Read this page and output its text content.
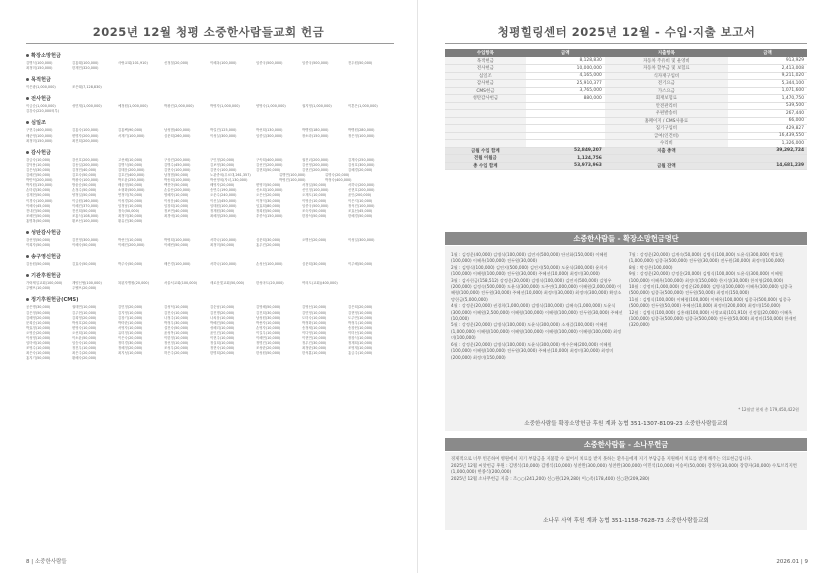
2025년 12월 청평 소중한사람들교회 헌금
확장소망헌금
김병식(100,000)	김홍래(100,000)	사랑교회(101,910)	신정철(20,000)	이혜옥(100,000)	임종국(500,000)	임종국(500,000)	전두원(50,000)
최정미(150,000)	한재민(320,000)
목적헌금
이은광(1,000,000)	조은래(7,128,830)
전사헌금
이금순(1,000,000)	성민재(1,000,000)	예정원(1,000,000)	박광진(2,000,000)	박영자(1,000,000)	양영숙(1,000,000)	권지영(1,000,000)	이혼은(1,000,000)
김강숙(220,000외부)
심일조
구현주(400,000)	김홍숙(100,000)	김홍팩(90,000)	남성범(400,000)	박길진(125,000)	박선희(130,000)	박병렬(180,000)	박병원(280,000)
배준영(100,000)	변명자(200,000)	서재기(100,000)	심문희(260,000)	이성실(300,000)	임종일(300,000)	장소라(150,000)	정은정(100,000)
최정미(150,000)	최진희(200,000)
감사헌금
강금숙(10,000)	강신호(200,000)	고선혜(10,000)	구상진(200,000)	구인정(20,000)	구속희(400,000)	권진녀(200,000)	김계숙(250,000)
김덕용(10,000)	김동일(200,000)	김병식(50,000)	김병수(450,000)	김보영(30,000)	김선민(200,000)	김선영(200,000)	김성호(300,000)
김은성(30,000)	김정민(40,000)	김태운(200,000)	김현숙(100,000)	김현숙(100,000)	김현희(50,000)	김현진(200,000)	김혜경(20,000)
김혜진(50,000)	김호숙(50,000)	김호진(400,000)	남정범(50,000)	노관종외(무료대,261,357)	류병연(100,000)	류명숙(20,000)
박만덕(200,000)	박광숙(100,000)	박도윤(250,000)	박동희(100,000)	박선영외(자녀,130,000)	박영진(100,000)	박정숙(400,000)
박지원(150,000)	방윤순(50,000)	배윤정(50,000)	백진아(50,000)	배영자(20,000)	변영미(50,000)	서정일(50,000)	서하나(200,000)
손미령(30,000)	손정수(50,000)	소형화(500,000)	손술산(200,000)	송연수(190,000)	신소희(100,000)	신인정(100,000)	신현호(200,000)
심재현(50,000)	양정일(50,000)	연정미(70,000)	염혜자(10,000)	오운수(240,000)	오은선(20,000)	오재도(10,000)	윤인(200,000)
이경숙(100,000)	이금원(160,000)	이성경(20,000)	이성운(40,000)	이신실(450,000)	이정익(30,000)	이영준(10,000)	이은지(10,000)
이혜숙(45,000)	이혜진(370,000)	임정남(10,000)	임창희(10,000)	임태원(100,000)	임효희(80,000)	임종국(500,000)	정석진(100,000)
전내진(50,000)	전신희(50,000)	정숙(50,000)	정보연(40,000)	정재원(30,000)	정희원(50,000)	조숙자(50,000)	조효선(45,000)
조혜민(50,000)	조홍식(108,000)	최정미(30,000)	최경애(10,000)	최혜정(250,000)	추종석(150,000)	한창석(50,000)	한혜경(50,000)
홍명복(50,000)	황보선(100,000)	황유진(30,000)
성탄감사헌금
강선영(50,000)	김진영(300,000)	박선인(10,000)	박영희(100,000)	서하나(100,000)	심문희(30,000)	오병선(20,000)	이성일(300,000)
이희자(50,000)	이혜숙(50,000)	이혜진(200,000)	이혜빈(50,000)	최정미(50,000)	홍우진(20,000)
송구영신헌금
김동원(50,000)	김효숙(50,000)	박주숙(50,000)	배은경(100,000)	서하나(100,000)	손성선(100,000)	심문희(30,000)	이주혜(50,000)
기관후원헌금
가락제일교회(100,000)	계양신협(100,000)	복된자병원(20,000)	서울서교회(100,000)	새로운빛교회(50,000)	한성마트(20,000)	여의도(교회)(400,000)
주헬브(10,000)	주헬브(20,000)
정기후원헌금(CMS)
공은명(30,000)	권태연(10,000)	김민정(20,000)	김성덕(10,000)	김순남(10,000)	김영혜(50,000)	김영선(10,000)	김은희(20,000)
김은정(50,000)	김주현(10,000)	김지영(10,000)	김진숙(10,000)	김진명(20,000)	김진희(30,000)	김민영(10,000)	김현영(10,000)
김혜영(20,000)	김희영(20,000)	김창기(10,000)	나정주(10,000)	나치웅(10,000)	남성원(30,000)	도미숙(10,000)	도주연(10,000)
문희순(10,000)	박성호(20,000)	박미란(10,000)	박정우(30,000)	박혜진(50,000)	박용자(10,000)	박정화(10,000)	박정우(10,000)
박효정(10,000)	변영숙(10,000)	서영자(10,000)	설진숙(50,000)	성혜리(10,000)	손영자(10,000)	송정채(10,000)	송창헌(10,000)
오영순(20,000)	오선희(10,000)	유미정(10,000)	윤성목(10,000)	윤인진(10,000)	이길우(10,000)	이다영(10,000)	이미선(10,000)
이성영(10,000)	이소윤(50,000)	이은숙(20,000)	이한정(10,000)	이현주(10,000)	이혜연(10,000)	이현연(10,000)	장창식(10,000)
임미애(10,000)	임승숙(10,000)	정미경(30,000)	정선정(10,000)	정실희(10,000)	정명진(10,000)	정무진(30,000)	정재희(10,000)
조영수(10,000)	정진우(10,000)	정혜정(20,000)	조성우(20,000)	정현숙(10,000)	조성란(20,000)	최정란(30,000)	조영재(10,000)
최은숙(10,000)	최은주(20,000)	최지성(10,000)	허은주(20,000)	한명희(20,000)	한성원(50,000)	한석훈(10,000)	흥금주(10,000)
홍지기(50,000)	황혜숙(20,000)
8 | 소중한사람들
청평힐링센터 2025년 12월 - 수입·지출 보고서
수입항목	금액	지출항목	금액
목적헌금	8,128,830	자동차 주유비 및 운영비	913,929
전사헌금	10,000,000	자동차 할부금 및 보험료	2,413,008
십일조	4,165,000	식자재구입비	9,211,020
감사헌금	25,910,377	전기요금	5,344,100
CMS헌금	3,765,000	가스요금	1,071,600
성탄감사헌금	880,000	회재보험료	1,470,750
		안전관리비	539,500
		우편발송비	267,440
		홈페이지 / CMS사용료	66,000
		집기구입비	429,827
		급여(인건비)	16,439,550
		수리비	1,326,000
금월 수입 합계	52,849,207	지출 총액	39,292,724
전월 이월금	1,124,756		
총 수입 합계	53,973,963	금월 잔액	14,681,239
소중한사람들 - 확장소망헌금명단

1월 : 김정운(40,000) 김병식(100,000) 김연지(500,000) 단선화(150,000) 이혜원(100,000) 이혜옥(100,000) 전두원(30,000)

2월 : 김병식(100,000) 김연지(500,000) 김연지(50,000) 도윤식(300,000) 윤희자(100,000) 이혜령(100,000) 전두원(30,000) 주혜선(10,000) 최정미(30,000)

3월 : 감사헌금(158,512) 강정운(20,000) 김병식(100,000) 김연지(500,000) 김영우(200,000) 김정숙(500,000) 도윤식(300,000) 도주연(1,000,000) 이혜원(2,000,000) 이혜령(100,000) 전두원(30,000) 주혜선(10,000) 최정미(30,000) 최정미(300,000) 확장소망헌금(5,000,000)

4월 : 강정운(20,000) 권경희(1,000,000) 김병식(100,000) 김혜숙(1,000,000) 도윤식(300,000) 이혜원(2,500,000) 이혜령(100,000) 이혜령(100,000) 전두원(30,000) 주혜선(10,000)

5월 : 강정운(20,000) 김병식(100,000) 도윤식(300,000) 소재길(100,000) 이혜원(1,000,000) 이혜령(100,000) 이혜영(100,000) 이혜령(100,000) 이혜령(100,000) 최정미(100,000)

6월 : 강정운(20,000) 김병식(100,000) 도윤식(300,000) 예수은혜(200,000) 이혜원(100,000) 이혜령(100,000) 전두원(30,000) 주혜선(10,000) 최정미(30,000) 최정미(200,000) 최정미(150,000)

7월 : 강정운(20,000) 김계숙(50,000) 김병식(100,000) 도윤식(300,000) 박효원(1,000,000) 임종국(500,000) 전두원(30,000) 전두원(30,000) 최정미(100,000)

8월 : 박성은(100,000)

9월 : 강정운(20,000) 강정운(20,000) 김병식(100,000) 도윤식(300,000) 이혜원(100,000) 이혜옥(100,000) 최정미(150,000) 한지성(30,000) 한치영(200,000)

10월 : 강정미(1,000,000) 강정운(20,000) 김병식(100,000) 이혜옥(100,000) 임종국(500,000) 임종국(500,000) 전두원(50,000) 최정미(150,000)

11월 : 김병식(100,000) 이혜령(100,000) 이혜옥(100,000) 임종국(500,000) 임종국(500,000) 전두원(50,000) 주혜선(10,000) 최정미(200,000) 최정미(150,000)

12월 : 김병식(100,000) 김홍래(100,000) 사랑교회(101,910) 신정철(20,000) 이혜옥(100,000) 임종국(500,000) 임종국(500,000) 전두원(50,000) 최정미(150,000) 한재민(320,000)

* 12월말 현재 총 179,450,422원
소중한사람들 확장소망헌금 후원 계좌 농협 351-1307-8109-23 소중한사람들교회
소중한사람들 - 소나무헌금

경제적으로 너무 빈곤하여 병원에서 지기 부담금을 지불할 수 없어서 치료를 받지 못하는 환우들에게 지기 부담금을 지원해서 치료를 받게 해주는 의료헌금입니다.

2025년 12월 씨앗헌금 후원 : 김병식(10,000) 김병식(10,000) 성찬완(300,000) 성찬완(300,000) 이민석(10,000) 이승미(50,000) 장정자(30,000) 장향자(30,000) 수토브리지번(1,000,000) 한종식(200,000)

2025년 12월 소나무헌금 지출 : 조○○(241,200) 신○원(129,280) 이○옥(178,400) 신○환(209,280)

소나무 사역 후원 계좌 농협 351-1158-7628-73 소중한사람들교회
2026.01 | 9
